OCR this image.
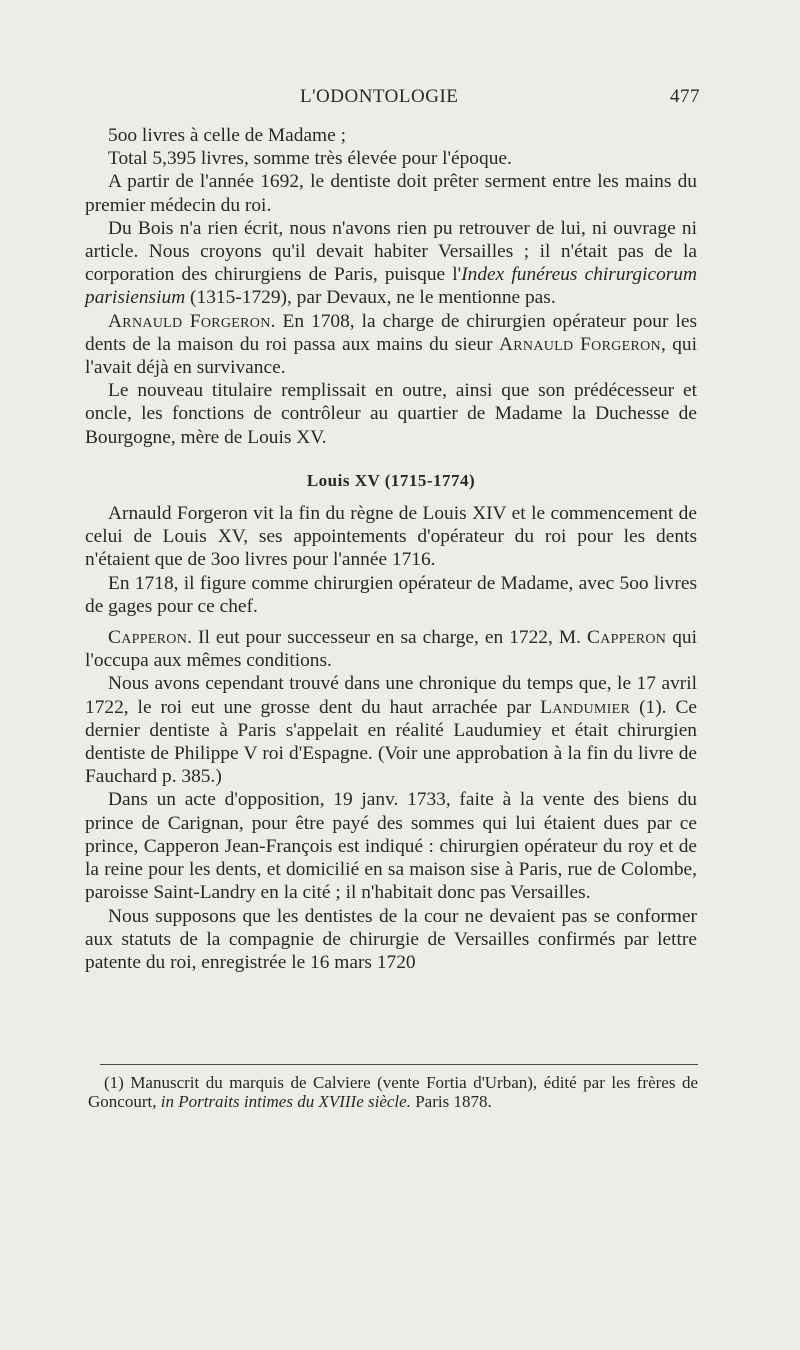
L'ODONTOLOGIE	477

5oo livres à celle de Madame ;

Total 5,395 livres, somme très élevée pour l'époque.

A partir de l'année 1692, le dentiste doit prêter serment entre les mains du premier médecin du roi.

Du Bois n'a rien écrit, nous n'avons rien pu retrouver de lui, ni ouvrage ni article. Nous croyons qu'il devait habiter Versailles ; il n'était pas de la corporation des chirurgiens de Paris, puisque l'Index funéreus chirurgicorum parisiensium (1315-1729), par Devaux, ne le mentionne pas.

Arnauld Forgeron. En 1708, la charge de chirurgien opérateur pour les dents de la maison du roi passa aux mains du sieur Arnauld Forgeron, qui l'avait déjà en survivance.

Le nouveau titulaire remplissait en outre, ainsi que son prédécesseur et oncle, les fonctions de contrôleur au quartier de Madame la Duchesse de Bourgogne, mère de Louis XV.

Louis XV (1715-1774)

Arnauld Forgeron vit la fin du règne de Louis XIV et le commencement de celui de Louis XV, ses appointements d'opérateur du roi pour les dents n'étaient que de 3oo livres pour l'année 1716.

En 1718, il figure comme chirurgien opérateur de Madame, avec 5oo livres de gages pour ce chef.

Capperon. Il eut pour successeur en sa charge, en 1722, M. Capperon qui l'occupa aux mêmes conditions.

Nous avons cependant trouvé dans une chronique du temps que, le 17 avril 1722, le roi eut une grosse dent du haut arrachée par Landumier (1). Ce dernier dentiste à Paris s'appelait en réalité Laudumiey et était chirurgien dentiste de Philippe V roi d'Espagne. (Voir une approbation à la fin du livre de Fauchard p. 385.)

Dans un acte d'opposition, 19 janv. 1733, faite à la vente des biens du prince de Carignan, pour être payé des sommes qui lui étaient dues par ce prince, Capperon Jean-François est indiqué : chirurgien opérateur du roy et de la reine pour les dents, et domicilié en sa maison sise à Paris, rue de Colombe, paroisse Saint-Landry en la cité ; il n'habitait donc pas Versailles.

Nous supposons que les dentistes de la cour ne devaient pas se conformer aux statuts de la compagnie de chirurgie de Versailles confirmés par lettre patente du roi, enregistrée le 16 mars 1720

(1) Manuscrit du marquis de Calviere (vente Fortia d'Urban), édité par les frères de Goncourt, in Portraits intimes du XVIIIe siècle. Paris 1878.
